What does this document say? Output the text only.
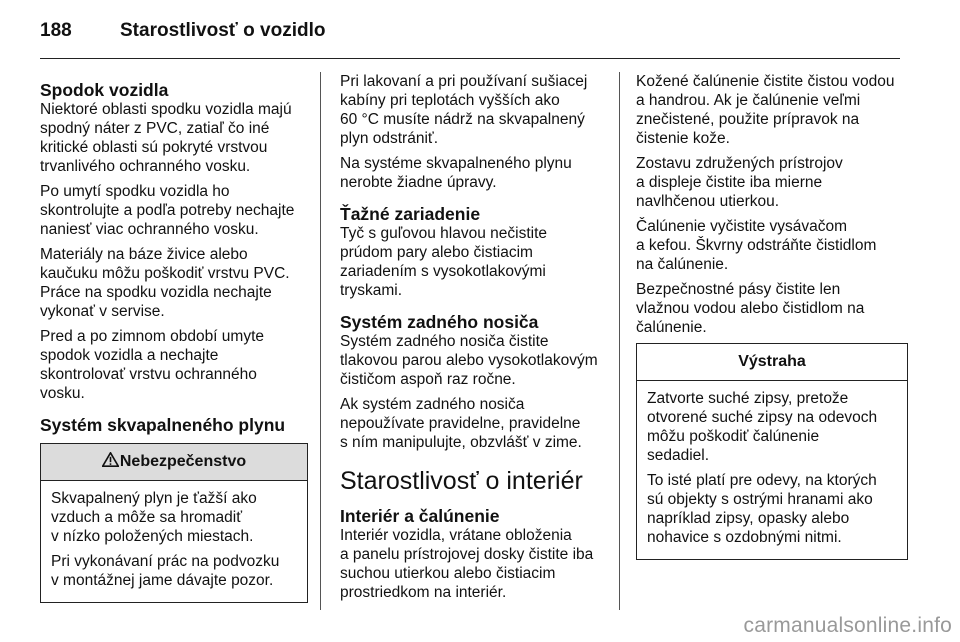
188	Starostlivosť o vozidlo
Spodok vozidla

Niektoré oblasti spodku vozidla majú
spodný náter z PVC, zatiaľ čo iné
kritické oblasti sú pokryté vrstvou
trvanlivého ochranného vosku.

Po umytí spodku vozidla ho
skontrolujte a podľa potreby nechajte
naniesť viac ochranného vosku.

Materiály na báze živice alebo
kaučuku môžu poškodiť vrstvu PVC.
Práce na spodku vozidla nechajte
vykonať v servise.

Pred a po zimnom období umyte
spodok vozidla a nechajte
skontrolovať vrstvu ochranného
vosku.

Systém skvapalneného plynu
Nebezpečenstvo

Skvapalnený plyn je ťažší ako
vzduch a môže sa hromadiť
v nízko položených miestach.

Pri vykonávaní prác na podvozku
v montážnej jame dávajte pozor.

Pri lakovaní a pri používaní sušiacej
kabíny pri teplotách vyšších ako
60 °C musíte nádrž na skvapalnený
plyn odstrániť.

Na systéme skvapalneného plynu
nerobte žiadne úpravy.

Ťažné zariadenie

Tyč s guľovou hlavou nečistite
prúdom pary alebo čistiacim
zariadením s vysokotlakovými
tryskami.

Systém zadného nosiča

Systém zadného nosiča čistite
tlakovou parou alebo vysokotlakovým
čističom aspoň raz ročne.

Ak systém zadného nosiča
nepoužívate pravidelne, pravidelne
s ním manipulujte, obzvlášť v zime.

Starostlivosť o interiér
Interiér a čalúnenie

Interiér vozidla, vrátane obloženia
a panelu prístrojovej dosky čistite iba
suchou utierkou alebo čistiacim
prostriedkom na interiér.

Kožené čalúnenie čistite čistou vodou
a handrou. Ak je čalúnenie veľmi
znečistené, použite prípravok na
čistenie kože.

Zostavu združených prístrojov
a displeje čistite iba mierne
navlhčenou utierkou.

Čalúnenie vyčistite vysávačom
a kefou. Škvrny odstráňte čistidlom
na čalúnenie.

Bezpečnostné pásy čistite len
vlažnou vodou alebo čistidlom na
čalúnenie.

Výstraha

Zatvorte suché zipsy, pretože
otvorené suché zipsy na odevoch
môžu poškodiť čalúnenie
sedadiel.

To isté platí pre odevy, na ktorých
sú objekty s ostrými hranami ako
napríklad zipsy, opasky alebo
nohavice s ozdobnými nitmi.

carmanualsonline.info
